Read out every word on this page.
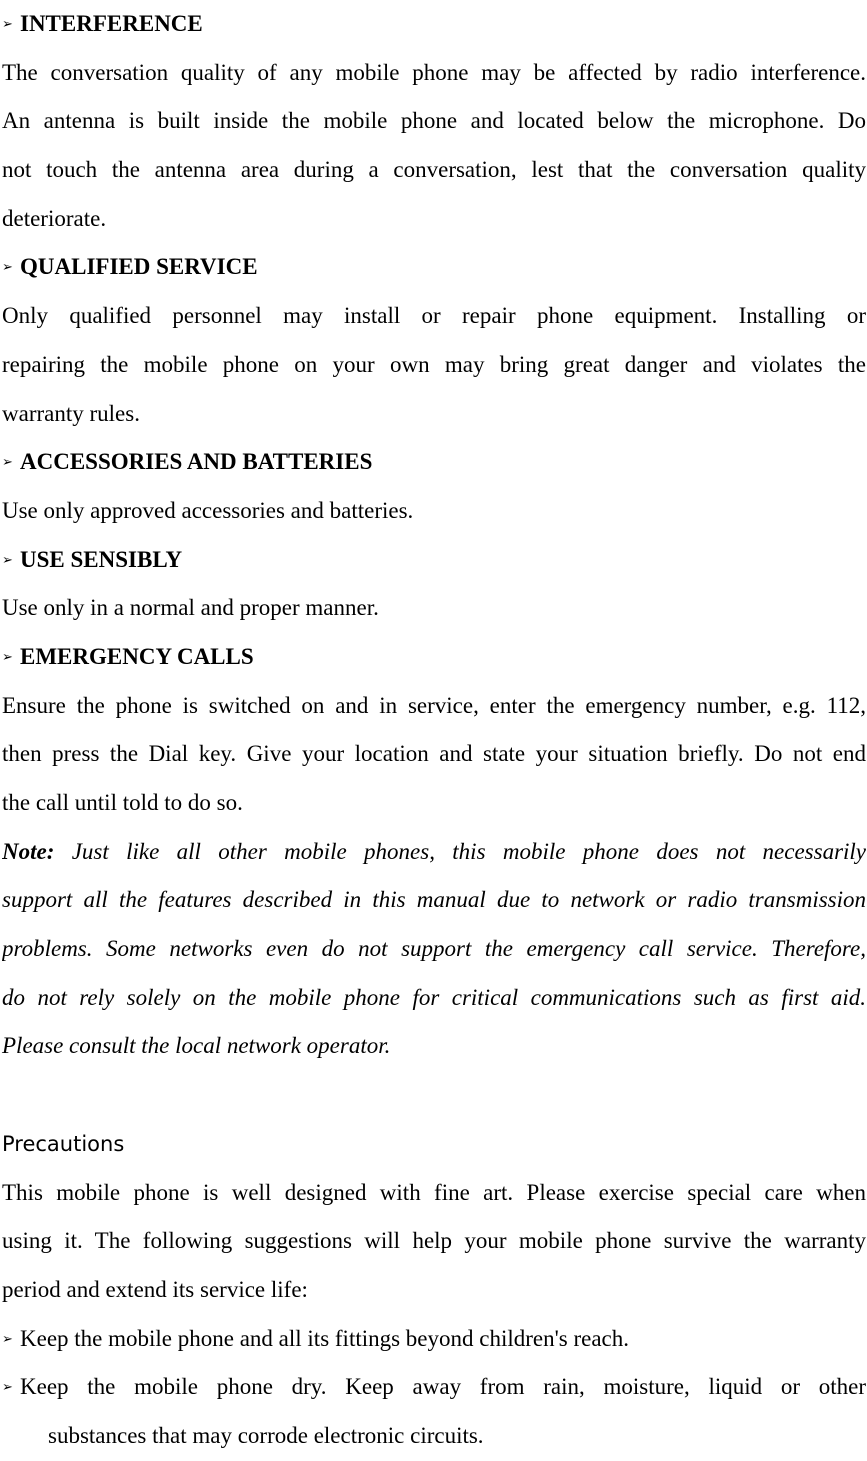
➢ INTERFERENCE
The conversation quality of any mobile phone may be affected by radio interference.
An antenna is built inside the mobile phone and located below the microphone. Do
not touch the antenna area during a conversation, lest that the conversation quality
deteriorate.
➢ QUALIFIED SERVICE
Only qualified personnel may install or repair phone equipment. Installing or
repairing the mobile phone on your own may bring great danger and violates the
warranty rules.
➢ ACCESSORIES AND BATTERIES
Use only approved accessories and batteries.
➢ USE SENSIBLY
Use only in a normal and proper manner.
➢ EMERGENCY CALLS
Ensure the phone is switched on and in service, enter the emergency number, e.g. 112,
then press the Dial key. Give your location and state your situation briefly. Do not end
the call until told to do so.
Note: Just like all other mobile phones, this mobile phone does not necessarily
support all the features described in this manual due to network or radio transmission
problems. Some networks even do not support the emergency call service. Therefore,
do not rely solely on the mobile phone for critical communications such as first aid.
Please consult the local network operator.
Precautions
This mobile phone is well designed with fine art. Please exercise special care when
using it. The following suggestions will help your mobile phone survive the warranty
period and extend its service life:
➢ Keep the mobile phone and all its fittings beyond children's reach.
➢ Keep the mobile phone dry. Keep away from rain, moisture, liquid or other
substances that may corrode electronic circuits.
